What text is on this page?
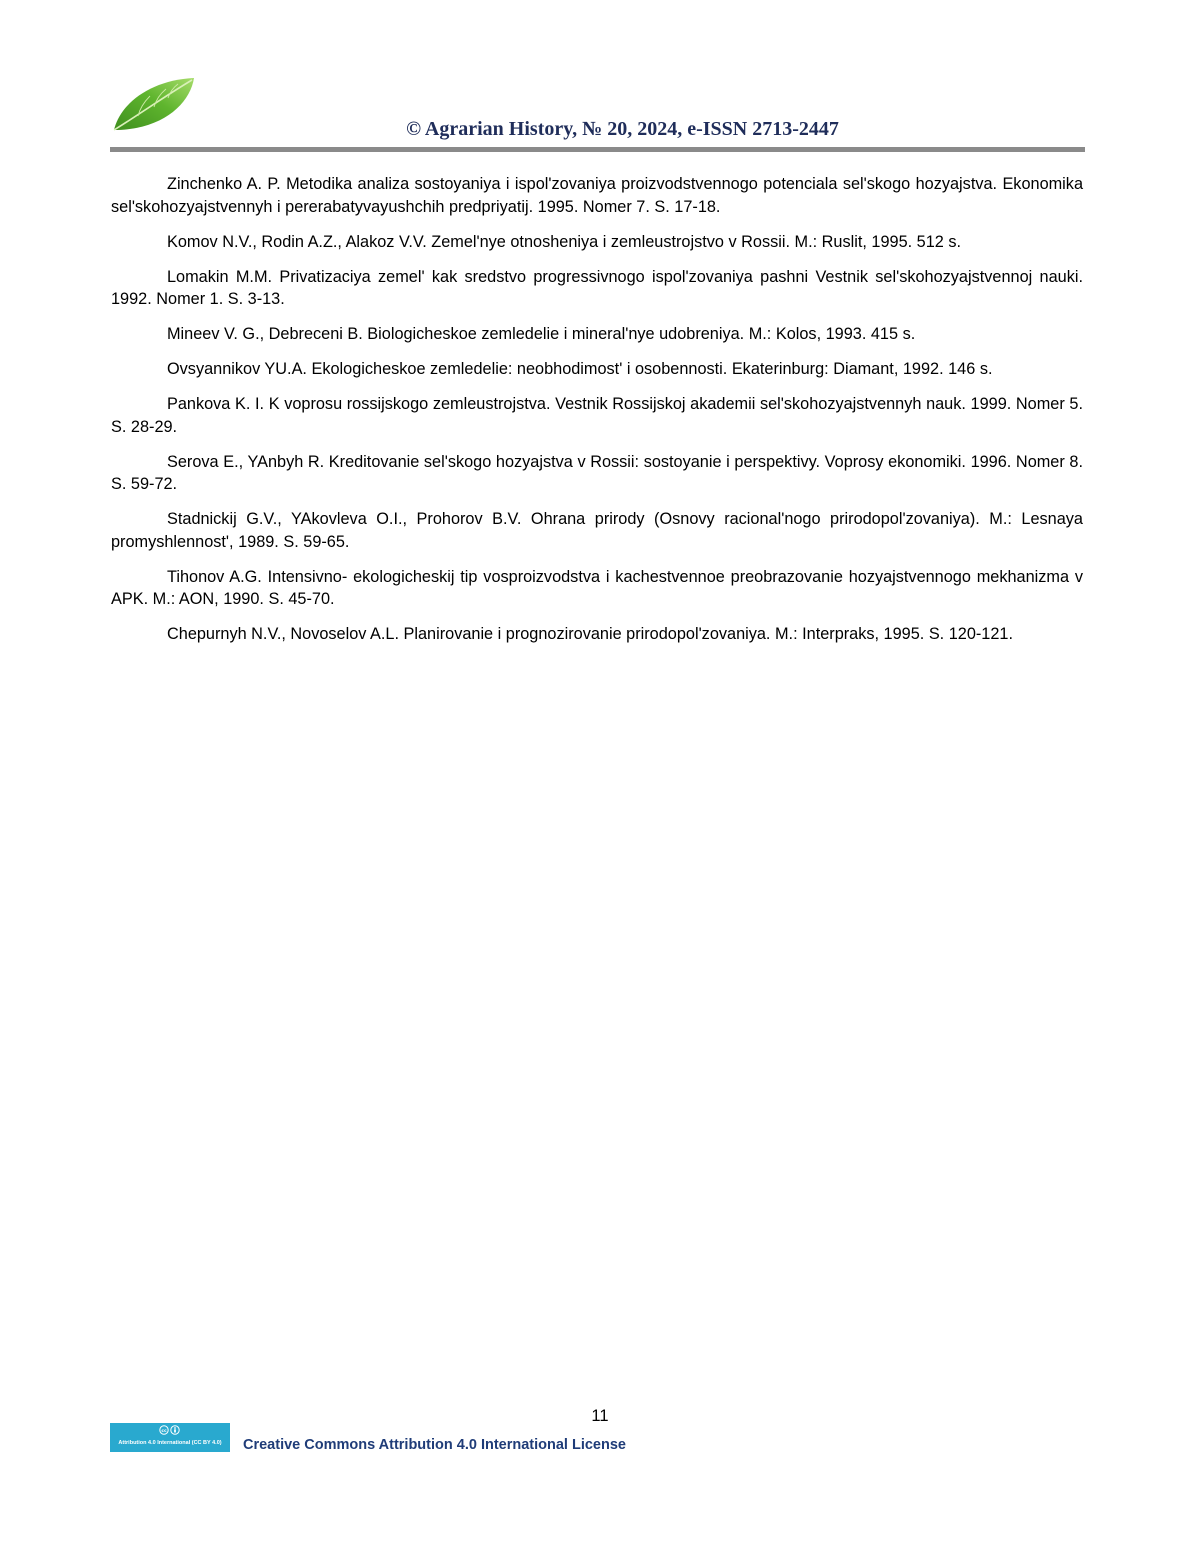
© Agrarian History, № 20, 2024, e-ISSN 2713-2447

Zinchenko A. P. Metodika analiza sostoyaniya i ispol'zovaniya proizvodstvennogo potenciala sel'skogo hozyajstva. Ekonomika sel'skohozyajstvennyh i pererabatyvayushchih predpriyatij. 1995. Nomer 7. S. 17-18.

Komov N.V., Rodin A.Z., Alakoz V.V. Zemel'nye otnosheniya i zemleustrojstvo v Rossii. M.: Ruslit, 1995. 512 s.

Lomakin M.M. Privatizaciya zemel' kak sredstvo progressivnogo ispol'zovaniya pashni Vestnik sel'skohozyajstvennoj nauki. 1992. Nomer 1. S. 3-13.

Mineev V. G., Debreceni B. Biologicheskoe zemledelie i mineral'nye udobreniya. M.: Kolos, 1993. 415 s.

Ovsyannikov YU.A. Ekologicheskoe zemledelie: neobhodimost' i osobennosti. Ekaterinburg: Diamant, 1992. 146 s.

Pankova K. I. K voprosu rossijskogo zemleustrojstva. Vestnik Rossijskoj akademii sel'skohozyajstvennyh nauk. 1999. Nomer 5. S. 28-29.

Serova E., YAnbyh R. Kreditovanie sel'skogo hozyajstva v Rossii: sostoyanie i perspektivy. Voprosy ekonomiki. 1996. Nomer 8. S. 59-72.

Stadnickij G.V., YAkovleva O.I., Prohorov B.V. Ohrana prirody (Osnovy racional'nogo prirodopol'zovaniya). M.: Lesnaya promyshlennost', 1989. S. 59-65.

Tihonov A.G. Intensivno- ekologicheskij tip vosproizvodstva i kachestvennoe preobrazovanie hozyajstvennogo mekhanizma v APK. M.: AON, 1990. S. 45-70.

Chepurnyh N.V., Novoselov A.L. Planirovanie i prognozirovanie prirodopol'zovaniya. M.: Interpraks, 1995. S. 120-121.

11
cc
Attribution 4.0 International (CC BY 4.0)	Creative Commons Attribution 4.0 International License
